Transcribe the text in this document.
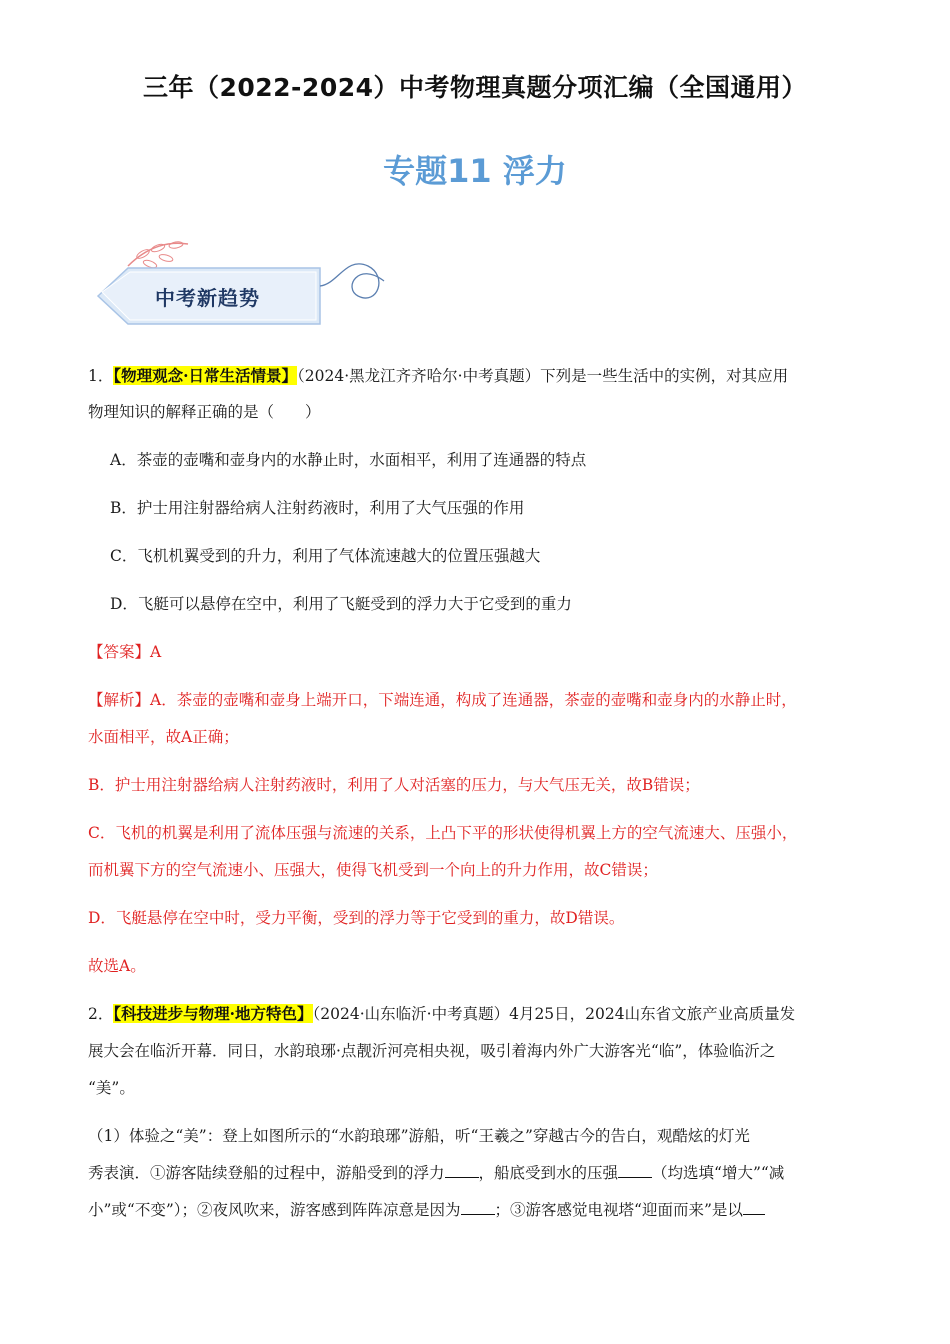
三年（2022-2024）中考物理真题分项汇编（全国通用）
专题11 浮力
中考新趋势
1．【物理观念·日常生活情景】（2024·黑龙江齐齐哈尔·中考真题）下列是一些生活中的实例，对其应用
物理知识的解释正确的是（　　）
A．茶壶的壶嘴和壶身内的水静止时，水面相平，利用了连通器的特点
B．护士用注射器给病人注射药液时，利用了大气压强的作用
C．飞机机翼受到的升力，利用了气体流速越大的位置压强越大
D．飞艇可以悬停在空中，利用了飞艇受到的浮力大于它受到的重力
【答案】A
【解析】A．茶壶的壶嘴和壶身上端开口，下端连通，构成了连通器，茶壶的壶嘴和壶身内的水静止时，
水面相平，故A正确；
B．护士用注射器给病人注射药液时，利用了人对活塞的压力，与大气压无关，故B错误；
C．飞机的机翼是利用了流体压强与流速的关系，上凸下平的形状使得机翼上方的空气流速大、压强小，
而机翼下方的空气流速小、压强大，使得飞机受到一个向上的升力作用，故C错误；
D．飞艇悬停在空中时，受力平衡，受到的浮力等于它受到的重力，故D错误。
故选A。
2．【科技进步与物理·地方特色】（2024·山东临沂·中考真题）4月25日，2024山东省文旅产业高质量发
展大会在临沂开幕．同日，水韵琅琊·点靓沂河亮相央视，吸引着海内外广大游客光“临”，体验临沂之
“美”。
（1）体验之“美”：登上如图所示的“水韵琅琊”游船，听“王羲之”穿越古今的告白，观酷炫的灯光
秀表演．①游客陆续登船的过程中，游船受到的浮力 ，船底受到水的压强 （均选填“增大”“减
小”或“不变”）；②夜风吹来，游客感到阵阵凉意是因为 ；③游客感觉电视塔“迎面而来”是以
